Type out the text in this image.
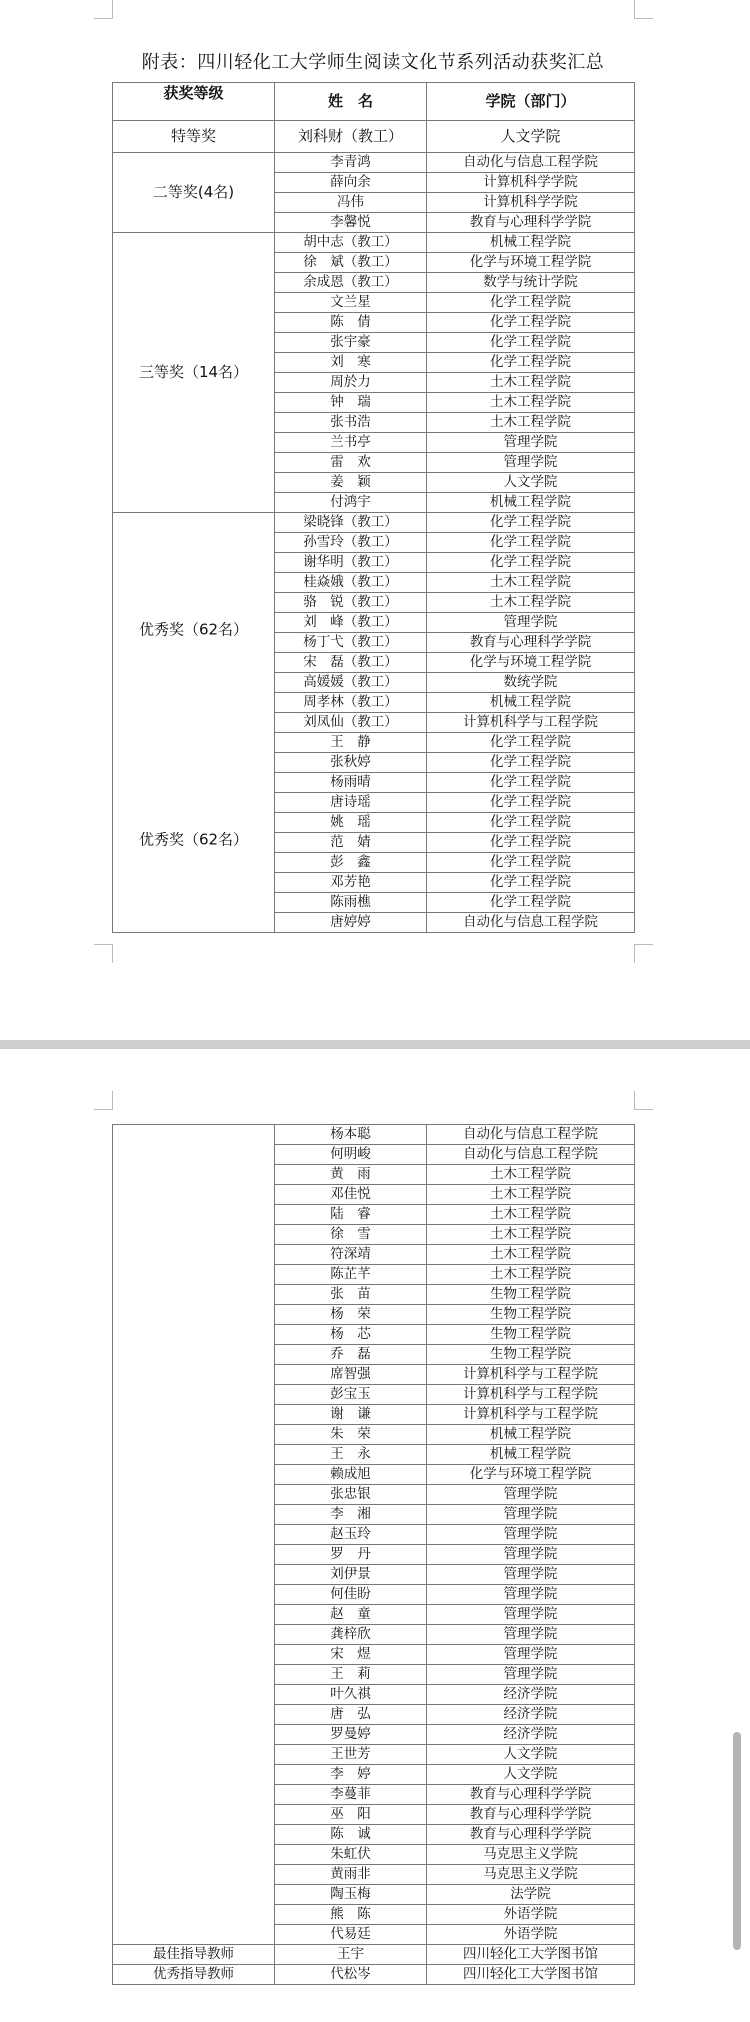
附表：四川轻化工大学师生阅读文化节系列活动获奖汇总
获奖等级	姓　名	学院（部门）
特等奖	刘科财（教工）	人文学院
二等奖(4名)	李青鸿	自动化与信息工程学院
	薛向余	计算机科学学院
	冯伟	计算机科学学院
	李馨悦	教育与心理科学学院
三等奖（14名）	胡中志（教工）	机械工程学院
	徐　斌（教工）	化学与环境工程学院
	余成恩（教工）	数学与统计学院
	文兰星	化学工程学院
	陈　倩	化学工程学院
	张宇豪	化学工程学院
	刘　寒	化学工程学院
	周於力	土木工程学院
	钟　瑞	土木工程学院
	张书浩	土木工程学院
	兰书亭	管理学院
	雷　欢	管理学院
	姜　颖	人文学院
	付鸿宇	机械工程学院

优秀奖（62名）
优秀奖（62名）	梁晓锋（教工）	化学工程学院
	孙雪玲（教工）	化学工程学院
	谢华明（教工）	化学工程学院
	桂焱娥（教工）	土木工程学院
	骆　锐（教工）	土木工程学院
	刘　峰（教工）	管理学院
	杨丁弋（教工）	教育与心理科学学院
	宋　磊（教工）	化学与环境工程学院
	高媛媛（教工）	数统学院
	周孝林（教工）	机械工程学院
	刘凤仙（教工）	计算机科学与工程学院
	王　静	化学工程学院
	张秋婷	化学工程学院
	杨雨晴	化学工程学院
	唐诗瑶	化学工程学院
	姚　瑶	化学工程学院
	范　婧	化学工程学院
	彭　鑫	化学工程学院
	邓芳艳	化学工程学院
	陈雨樵	化学工程学院
	唐婷婷	自动化与信息工程学院
	杨本聪	自动化与信息工程学院
	何明峻	自动化与信息工程学院
	黄　雨	土木工程学院
	邓佳悦	土木工程学院
	陆　睿	土木工程学院
	徐　雪	土木工程学院
	符深靖	土木工程学院
	陈芷芊	土木工程学院
	张　苗	生物工程学院
	杨　荣	生物工程学院
	杨　芯	生物工程学院
	乔　磊	生物工程学院
	席智强	计算机科学与工程学院
	彭宝玉	计算机科学与工程学院
	谢　谦	计算机科学与工程学院
	朱　荣	机械工程学院
	王　永	机械工程学院
	赖成旭	化学与环境工程学院
	张忠银	管理学院
	李　湘	管理学院
	赵玉玲	管理学院
	罗　丹	管理学院
	刘伊景	管理学院
	何佳盼	管理学院
	赵　童	管理学院
	龚梓欣	管理学院
	宋　煜	管理学院
	王　莉	管理学院
	叶久祺	经济学院
	唐　弘	经济学院
	罗曼婷	经济学院
	王世芳	人文学院
	李　婷	人文学院
	李蔓菲	教育与心理科学学院
	巫　阳	教育与心理科学学院
	陈　诚	教育与心理科学学院
	朱虹伏	马克思主义学院
	黄雨非	马克思主义学院
	陶玉梅	法学院
	熊　陈	外语学院
	代易廷	外语学院
最佳指导教师	王宇	四川轻化工大学图书馆
优秀指导教师	代松岑	四川轻化工大学图书馆
